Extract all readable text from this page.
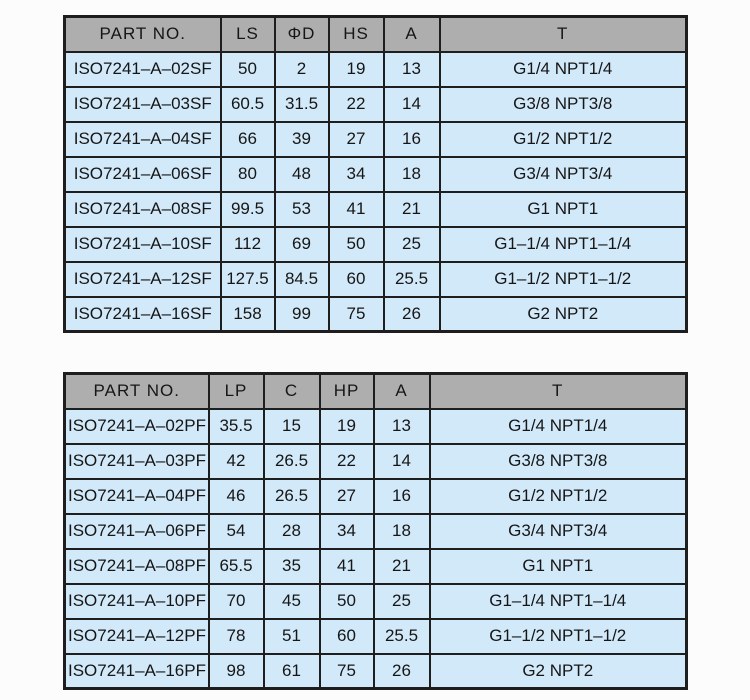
PART NO.	LS	ΦD	HS	A	T
ISO7241–A–02SF	50	2	19	13	G1/4 NPT1/4
ISO7241–A–03SF	60.5	31.5	22	14	G3/8 NPT3/8
ISO7241–A–04SF	66	39	27	16	G1/2 NPT1/2
ISO7241–A–06SF	80	48	34	18	G3/4 NPT3/4
ISO7241–A–08SF	99.5	53	41	21	G1 NPT1
ISO7241–A–10SF	112	69	50	25	G1–1/4 NPT1–1/4
ISO7241–A–12SF	127.5	84.5	60	25.5	G1–1/2 NPT1–1/2
ISO7241–A–16SF	158	99	75	26	G2 NPT2
PART NO.	LP	C	HP	A	T
ISO7241–A–02PF	35.5	15	19	13	G1/4 NPT1/4
ISO7241–A–03PF	42	26.5	22	14	G3/8 NPT3/8
ISO7241–A–04PF	46	26.5	27	16	G1/2 NPT1/2
ISO7241–A–06PF	54	28	34	18	G3/4 NPT3/4
ISO7241–A–08PF	65.5	35	41	21	G1 NPT1
ISO7241–A–10PF	70	45	50	25	G1–1/4 NPT1–1/4
ISO7241–A–12PF	78	51	60	25.5	G1–1/2 NPT1–1/2
ISO7241–A–16PF	98	61	75	26	G2 NPT2
